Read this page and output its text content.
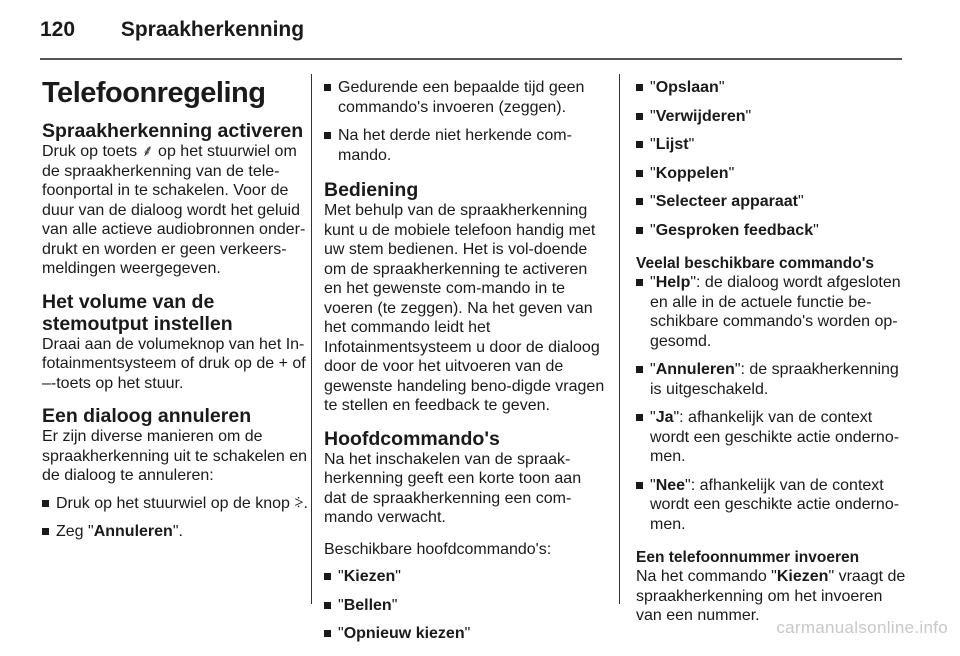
120 Spraakherkenning
Telefoonregeling
Spraakherkenning activeren

Druk op toets ⸙ op het stuurwiel om de spraakherkenning van de tele-foonportal in te schakelen. Voor de duur van de dialoog wordt het geluid van alle actieve audiobronnen onder-drukt en worden er geen verkeers-meldingen weergegeven.

Het volume van de stemoutput instellen

Draai aan de volumeknop van het In-fotainmentsysteem of druk op de + of ‒-toets op het stuur.

Een dialoog annuleren

Er zijn diverse manieren om de spraakherkenning uit te schakelen en de dialoog te annuleren:

Druk op het stuurwiel op de knop ⸖.
Zeg "Annuleren".
Gedurende een bepaalde tijd geen commando's invoeren (zeggen).
Na het derde niet herkende com-mando.
Bediening

Met behulp van de spraakherkenning kunt u de mobiele telefoon handig met uw stem bedienen. Het is vol-doende om de spraakherkenning te activeren en het gewenste com-mando in te voeren (te zeggen). Na het geven van het commando leidt het Infotainmentsysteem u door de dialoog door de voor het uitvoeren van de gewenste handeling beno-digde vragen te stellen en feedback te geven.

Hoofdcommando's

Na het inschakelen van de spraak-herkenning geeft een korte toon aan dat de spraakherkenning een com-mando verwacht.

Beschikbare hoofdcommando's:

"Kiezen"
"Bellen"
"Opnieuw kiezen"
"Opslaan"
"Verwijderen"
"Lijst"
"Koppelen"
"Selecteer apparaat"
"Gesproken feedback"
Veelal beschikbare commando's
"Help": de dialoog wordt afgesloten en alle in de actuele functie be-schikbare commando's worden op-gesomd.
"Annuleren": de spraakherkenning is uitgeschakeld.
"Ja": afhankelijk van de context wordt een geschikte actie onderno-men.
"Nee": afhankelijk van de context wordt een geschikte actie onderno-men.
Een telefoonnummer invoeren

Na het commando "Kiezen" vraagt de spraakherkenning om het invoeren van een nummer.

carmanualsonline.info
